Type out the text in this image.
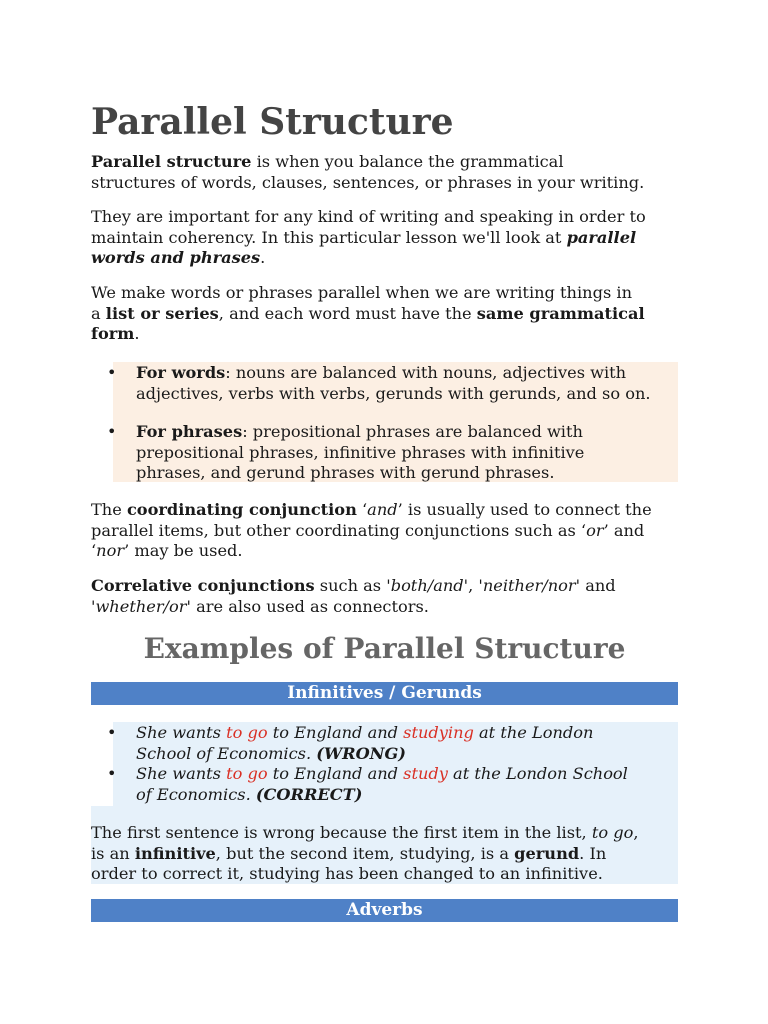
Parallel Structure
Parallel structure is when you balance the grammatical
structures of words, clauses, sentences, or phrases in your writing.
They are important for any kind of writing and speaking in order to
maintain coherency. In this particular lesson we'll look at parallel
words and phrases.
We make words or phrases parallel when we are writing things in
a list or series, and each word must have the same grammatical
form.
• For words: nouns are balanced with nouns, adjectives with
adjectives, verbs with verbs, gerunds with gerunds, and so on.
• For phrases: prepositional phrases are balanced with
prepositional phrases, infinitive phrases with infinitive
phrases, and gerund phrases with gerund phrases.
The coordinating conjunction ‘and’ is usually used to connect the
parallel items, but other coordinating conjunctions such as ‘or’ and
‘nor’ may be used.
Correlative conjunctions such as 'both/and', 'neither/nor' and
'whether/or' are also used as connectors.
Examples of Parallel Structure
Infinitives / Gerunds
• She wants to go to England and studying at the London
School of Economics. (WRONG)
• She wants to go to England and study at the London School
of Economics. (CORRECT)
The first sentence is wrong because the first item in the list, to go,
is an infinitive, but the second item, studying, is a gerund. In
order to correct it, studying has been changed to an infinitive.
Adverbs
